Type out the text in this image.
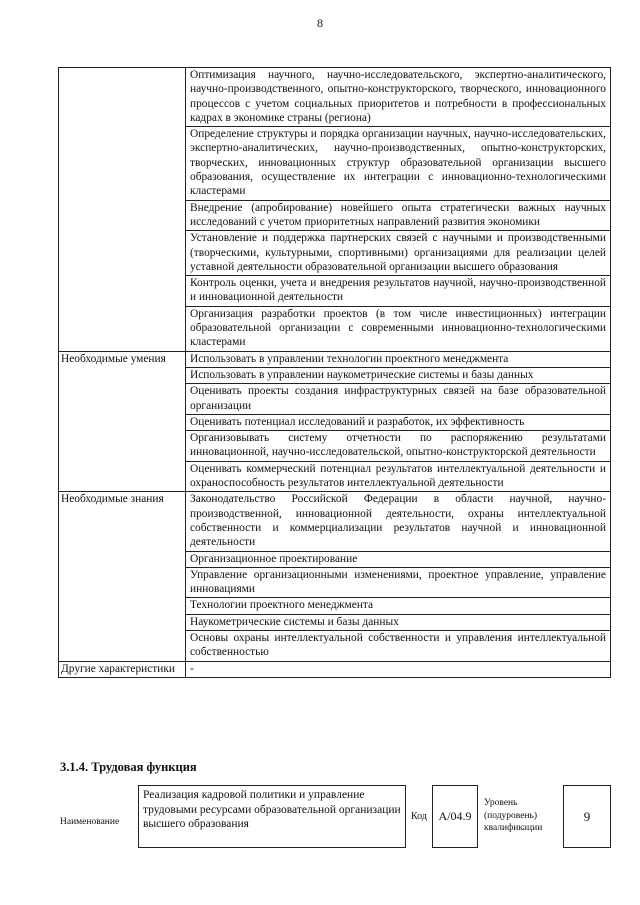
8
	Оптимизация научного, научно-исследовательского, экспертно-аналитического, научно-производственного, опытно-конструкторского, творческого, инновационного процессов с учетом социальных приоритетов и потребности в профессиональных кадрах в экономике страны (региона)
	Определение структуры и порядка организации научных, научно-исследовательских, экспертно-аналитических, научно-производственных, опытно-конструкторских, творческих, инновационных структур образовательной организации высшего образования, осуществление их интеграции с инновационно-технологическими кластерами
	Внедрение (апробирование) новейшего опыта стратегически важных научных исследований с учетом приоритетных направлений развития экономики
	Установление и поддержка партнерских связей с научными и производственными (творческими, культурными, спортивными) организациями для реализации целей уставной деятельности образовательной организации высшего образования
	Контроль оценки, учета и внедрения результатов научной, научно-производственной и инновационной деятельности
	Организация разработки проектов (в том числе инвестиционных) интеграции образовательной организации с современными инновационно-технологическими кластерами
Необходимые умения	Использовать в управлении технологии проектного менеджмента
	Использовать в управлении наукометрические системы и базы данных
	Оценивать проекты создания инфраструктурных связей на базе образовательной организации
	Оценивать потенциал исследований и разработок, их эффективность
	Организовывать систему отчетности по распоряжению результатами инновационной, научно-исследовательской, опытно-конструкторской деятельности
	Оценивать коммерческий потенциал результатов интеллектуальной деятельности и охраноспособность результатов интеллектуальной деятельности
Необходимые знания	Законодательство Российской Федерации в области научной, научно-производственной, инновационной деятельности, охраны интеллектуальной собственности и коммерциализации результатов научной и инновационной деятельности
	Организационное проектирование
	Управление организационными изменениями, проектное управление, управление инновациями
	Технологии проектного менеджмента
	Наукометрические системы и базы данных
	Основы охраны интеллектуальной собственности и управления интеллектуальной собственностью
Другие характеристики	-
3.1.4. Трудовая функция
Наименование
Реализация кадровой политики и управление трудовыми ресурсами образовательной организации высшего образования
Код А/04.9
Уровень (подуровень) квалификации
9
